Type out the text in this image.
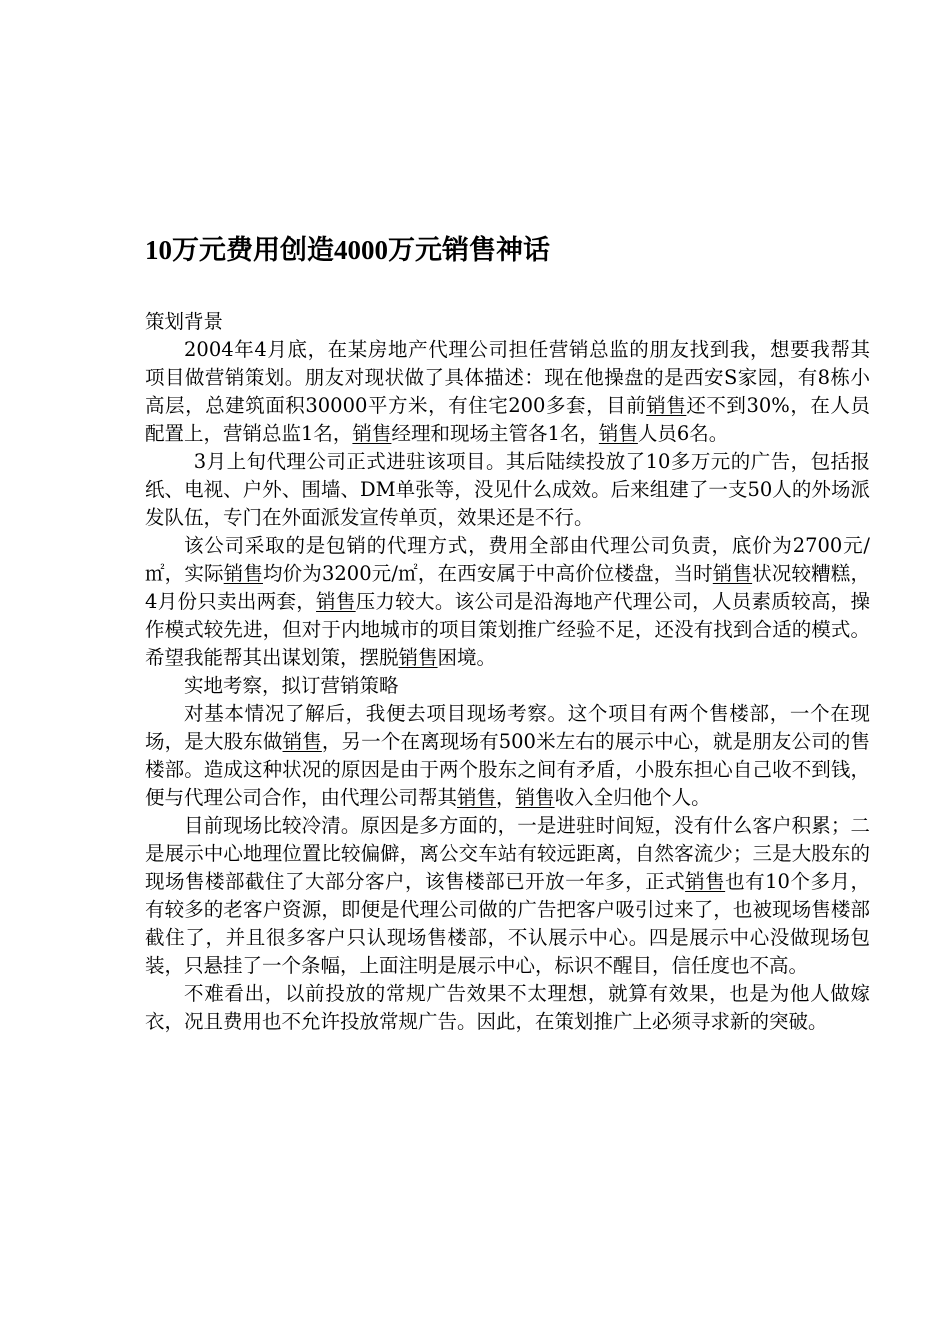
10万元费用创造4000万元销售神话

策划背景

2004年4月底，在某房地产代理公司担任营销总监的朋友找到我，想要我帮其项目做营销策划。朋友对现状做了具体描述：现在他操盘的是西安S家园，有8栋小高层，总建筑面积30000平方米，有住宅200多套，目前销售还不到30%，在人员配置上，营销总监1名，销售经理和现场主管各1名，销售人员6名。

3月上旬代理公司正式进驻该项目。其后陆续投放了10多万元的广告，包括报纸、电视、户外、围墙、DM单张等，没见什么成效。后来组建了一支50人的外场派发队伍，专门在外面派发宣传单页，效果还是不行。

该公司采取的是包销的代理方式，费用全部由代理公司负责，底价为2700元/㎡，实际销售均价为3200元/㎡，在西安属于中高价位楼盘，当时销售状况较糟糕，4月份只卖出两套，销售压力较大。该公司是沿海地产代理公司，人员素质较高，操作模式较先进，但对于内地城市的项目策划推广经验不足，还没有找到合适的模式。希望我能帮其出谋划策，摆脱销售困境。

实地考察，拟订营销策略

对基本情况了解后，我便去项目现场考察。这个项目有两个售楼部，一个在现场，是大股东做销售，另一个在离现场有500米左右的展示中心，就是朋友公司的售楼部。造成这种状况的原因是由于两个股东之间有矛盾，小股东担心自己收不到钱，便与代理公司合作，由代理公司帮其销售，销售收入全归他个人。

目前现场比较冷清。原因是多方面的，一是进驻时间短，没有什么客户积累；二是展示中心地理位置比较偏僻，离公交车站有较远距离，自然客流少；三是大股东的现场售楼部截住了大部分客户，该售楼部已开放一年多，正式销售也有10个多月，有较多的老客户资源，即便是代理公司做的广告把客户吸引过来了，也被现场售楼部截住了，并且很多客户只认现场售楼部，不认展示中心。四是展示中心没做现场包装，只悬挂了一个条幅，上面注明是展示中心，标识不醒目，信任度也不高。

不难看出，以前投放的常规广告效果不太理想，就算有效果，也是为他人做嫁衣，况且费用也不允许投放常规广告。因此，在策划推广上必须寻求新的突破。
